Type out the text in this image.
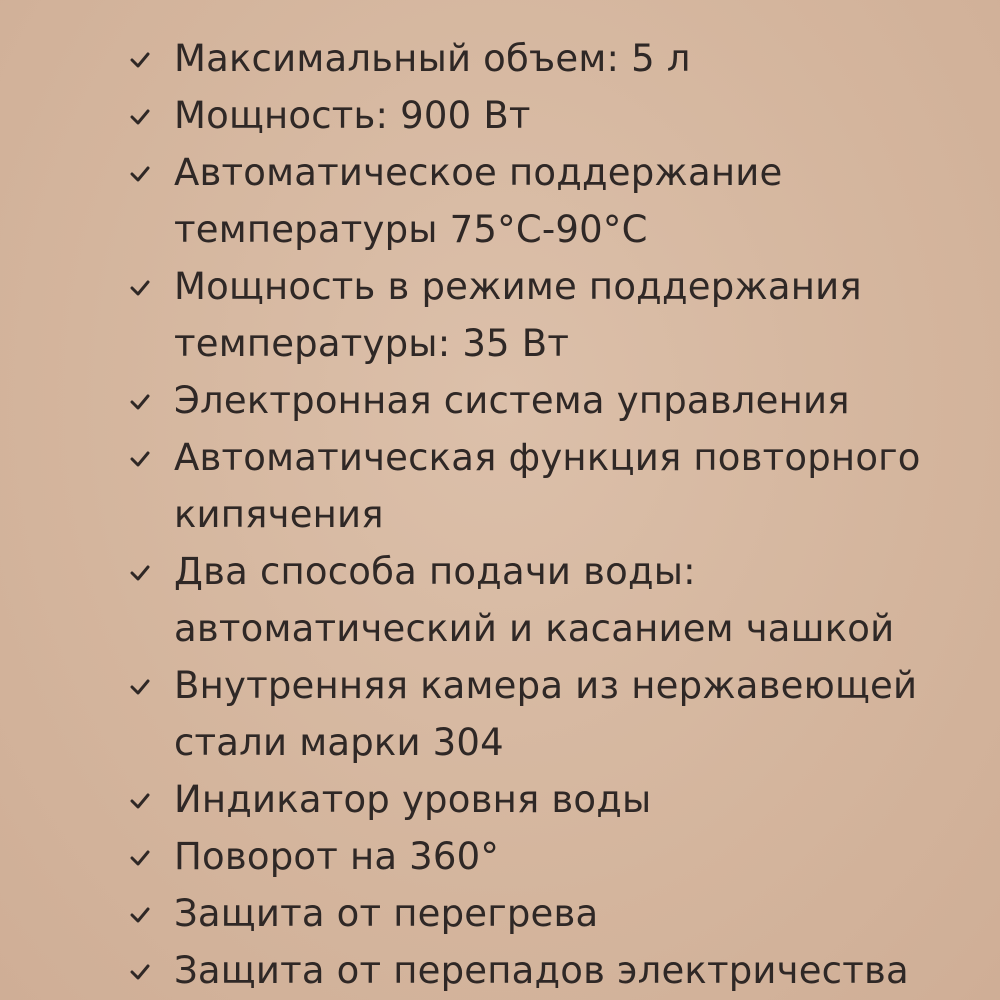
Максимальный объем: 5 л
Мощность: 900 Вт
Автоматическое поддержание
температуры 75°С-90°С
Мощность в режиме поддержания
температуры: 35 Вт
Электронная система управления
Автоматическая функция повторного
кипячения
Два способа подачи воды:
автоматический и касанием чашкой
Внутренняя камера из нержавеющей
стали марки 304
Индикатор уровня воды
Поворот на 360°
Защита от перегрева
Защита от перепадов электричества
